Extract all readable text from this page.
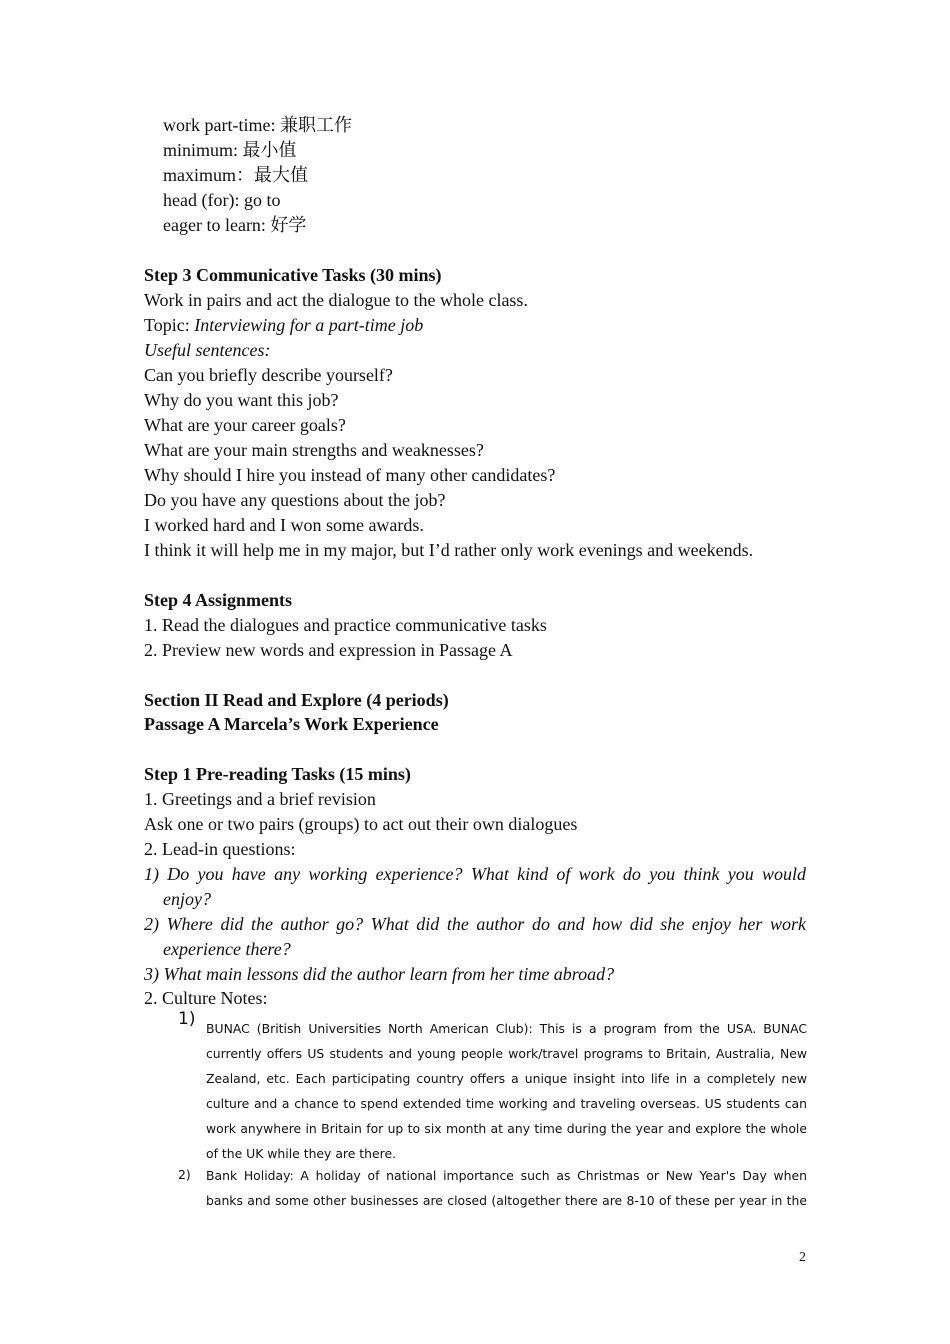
work part-time: 兼职工作
minimum: 最小值
maximum：最大值
head (for): go to
eager to learn: 好学
Step 3 Communicative Tasks (30 mins)
Work in pairs and act the dialogue to the whole class.
Topic: Interviewing for a part-time job
Useful sentences:
Can you briefly describe yourself?
Why do you want this job?
What are your career goals?
What are your main strengths and weaknesses?
Why should I hire you instead of many other candidates?
Do you have any questions about the job?
I worked hard and I won some awards.
I think it will help me in my major, but I’d rather only work evenings and weekends.
Step 4 Assignments
1. Read the dialogues and practice communicative tasks
2. Preview new words and expression in Passage A
Section II Read and Explore (4 periods)
Passage A Marcela’s Work Experience
Step 1 Pre-reading Tasks (15 mins)
1. Greetings and a brief revision
Ask one or two pairs (groups) to act out their own dialogues
2. Lead-in questions:
1) Do you have any working experience? What kind of work do you think you would
enjoy?
2) Where did the author go? What did the author do and how did she enjoy her work
experience there?
3) What main lessons did the author learn from her time abroad?
2. Culture Notes:
1) BUNAC (British Universities North American Club): This is a program from the USA. BUNAC
currently offers US students and young people work/travel programs to Britain, Australia, New
Zealand, etc. Each participating country offers a unique insight into life in a completely new
culture and a chance to spend extended time working and traveling overseas. US students can
work anywhere in Britain for up to six month at any time during the year and explore the whole
of the UK while they are there.
2) Bank Holiday: A holiday of national importance such as Christmas or New Year's Day when
banks and some other businesses are closed (altogether there are 8-10 of these per year in the
2
